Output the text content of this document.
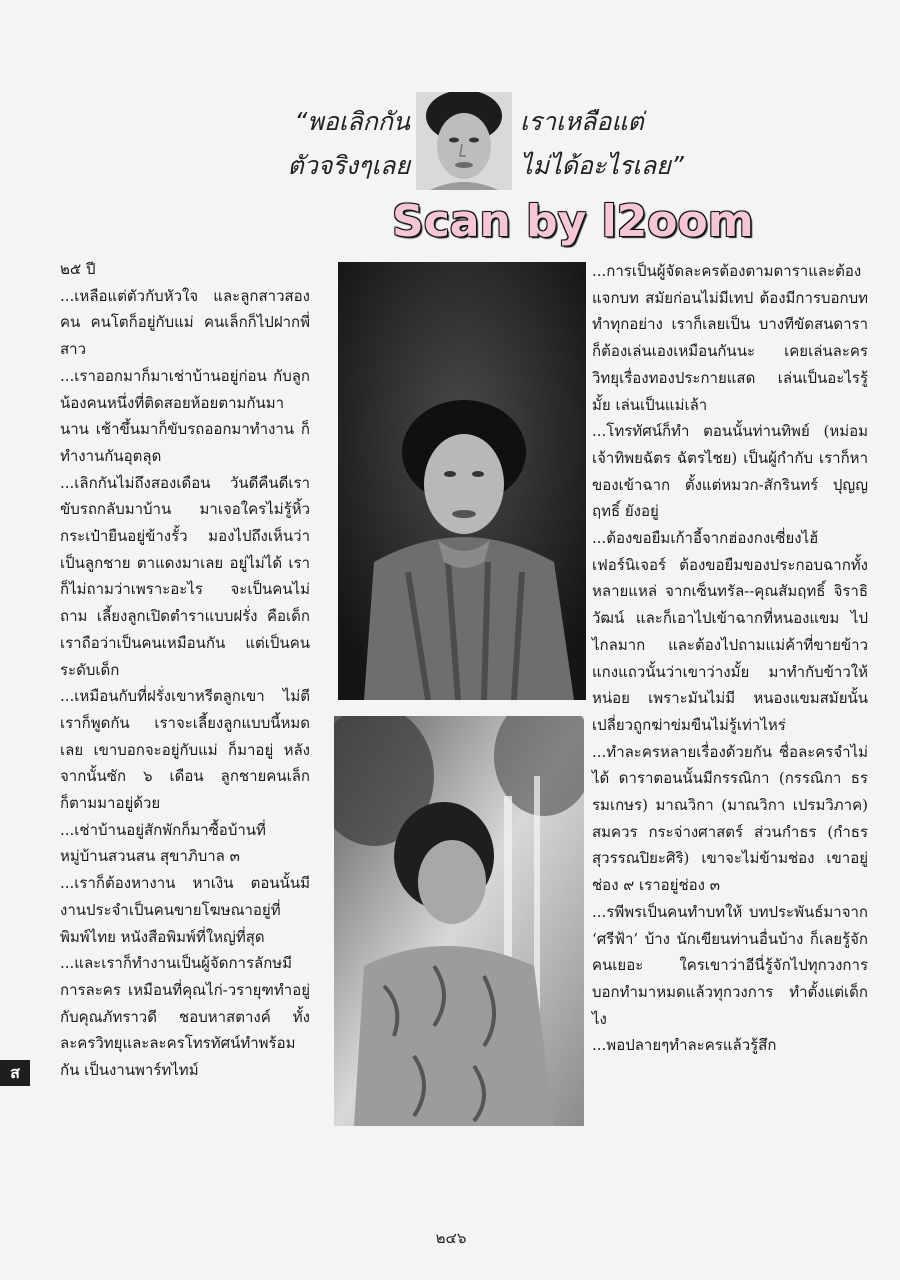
“พอเลิกกัน
ตัวจริงๆเลย
เราเหลือแต่
ไม่ได้อะไรเลย”
Scan by l2oom

๒๕ ปี

...เหลือแต่ตัวกับหัวใจ และลูกสาวสองคน คนโตก็อยู่กับแม่ คนเล็กก็ไปฝากพี่สาว

...เราออกมาก็มาเช่าบ้านอยู่ก่อน กับลูกน้องคนหนึ่งที่ติดสอยห้อยตามกันมานาน เช้าขึ้นมาก็ขับรถออกมาทำงาน ก็ทำงานกันอุตลุด

...เลิกกันไม่ถึงสองเดือน วันดีคืนดีเราขับรถกลับมาบ้าน มาเจอใครไม่รู้หิ้วกระเป๋ายืนอยู่ข้างรั้ว มองไปถึงเห็นว่าเป็นลูกชาย ตาแดงมาเลย อยู่ไม่ได้ เราก็ไม่ถามว่าเพราะอะไร จะเป็นคนไม่ถาม เลี้ยงลูกเปิดตำราแบบฝรั่ง คือเด็กเราถือว่าเป็นคนเหมือนกัน แต่เป็นคนระดับเด็ก

...เหมือนกับที่ฝรั่งเขาหรีตลูกเขา ไม่ตี เราก็พูดกัน เราจะเลี้ยงลูกแบบนี้หมดเลย เขาบอกจะอยู่กับแม่ ก็มาอยู่ หลังจากนั้นซัก ๖ เดือน ลูกชายคนเล็กก็ตามมาอยู่ด้วย

...เช่าบ้านอยู่สักพักก็มาซื้อบ้านที่หมู่บ้านสวนสน สุขาภิบาล ๓

...เราก็ต้องหางาน หาเงิน ตอนนั้นมีงานประจำเป็นคนขายโฆษณาอยู่ที่พิมพ์ไทย หนังสือพิมพ์ที่ใหญ่ที่สุด

...และเราก็ทำงานเป็นผู้จัดการลักษมีการละคร เหมือนที่คุณไก่-วรายุฑทำอยู่กับคุณภัทราวดี ชอบหาสตางค์ ทั้งละครวิทยุและละครโทรทัศน์ทำพร้อมกัน เป็นงานพาร์ทไทม์

...การเป็นผู้จัดละครต้องตามดาราและต้องแจกบท สมัยก่อนไม่มีเทป ต้องมีการบอกบท ทำทุกอย่าง เราก็เลยเป็น บางทีขัดสนดารา ก็ต้องเล่นเองเหมือนกันนะ เคยเล่นละครวิทยุเรื่องทองประกายแสด เล่นเป็นอะไรรู้มั้ย เล่นเป็นแม่เล้า

...โทรทัศน์ก็ทำ ตอนนั้นท่านทิพย์ (หม่อมเจ้าทิพยฉัตร ฉัตรไชย) เป็นผู้กำกับ เราก็หาของเข้าฉาก ตั้งแต่หมวก-สักรินทร์ ปุญญฤทธิ์ ยังอยู่

...ต้องขอยืมเก้าอี้จากฮ่องกงเซี่ยงไฮ้เฟอร์นิเจอร์ ต้องขอยืมของประกอบฉากทั้งหลายแหล่ จากเซ็นทรัล--คุณสัมฤทธิ์ จิราธิวัฒน์ และก็เอาไปเข้าฉากที่หนองแขม ไปไกลมาก และต้องไปถามแม่ค้าที่ขายข้าวแกงแถวนั้นว่าเขาว่างมั้ย มาทำกับข้าวให้หน่อย เพราะมันไม่มี หนองแขมสมัยนั้นเปลี่ยวถูกฆ่าข่มขืนไม่รู้เท่าไหร่

...ทำละครหลายเรื่องด้วยกัน ชื่อละครจำไม่ได้ ดาราตอนนั้นมีกรรณิกา (กรรณิกา ธรรมเกษร) มาณวิกา (มาณวิกา เปรมวิภาค) สมควร กระจ่างศาสตร์ ส่วนกำธร (กำธร สุวรรณปิยะศิริ) เขาจะไม่ข้ามช่อง เขาอยู่ช่อง ๙ เราอยู่ช่อง ๓

...รพีพรเป็นคนทำบทให้ บทประพันธ์มาจาก ‘ศรีฟ้า’ บ้าง นักเขียนท่านอื่นบ้าง ก็เลยรู้จักคนเยอะ ใครเขาว่าอีนี่รู้จักไปทุกวงการ บอกทำมาหมดแล้วทุกวงการ ทำตั้งแต่เด็กไง

...พอปลายๆทำละครแล้วรู้สึก

ส
๒๔๖
